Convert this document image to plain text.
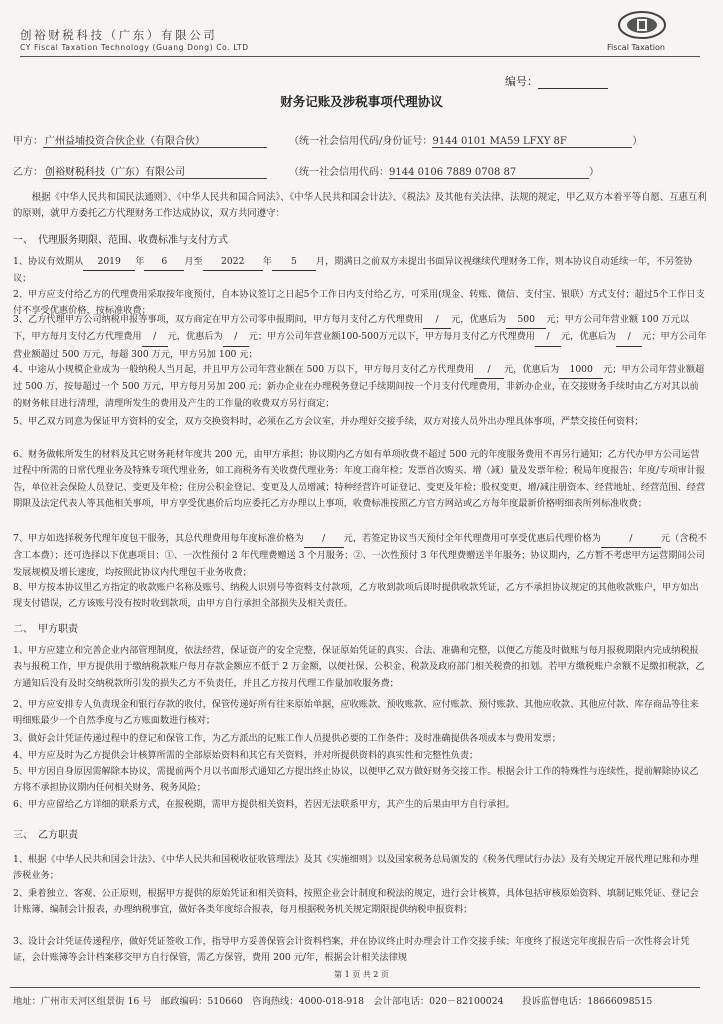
创裕财税科技（广东）有限公司
CY Fiscal Taxation Technology (Guang Dong) Co. LTD	Fiscal Taxation
编号：
财务记账及涉税事项代理协议
甲方： 广州益埔投资合伙企业（有限合伙）	（统一社会信用代码/身份证号：9144 0101 MA59 LFXY 8F	）
乙方： 创裕财税科技（广东）有限公司	（统一社会信用代码：9144 0106 7889 0708 87	）
根据《中华人民共和国民法通则》、《中华人民共和国合同法》、《中华人民共和国会计法》、《税法》及其他有关法律、法规的规定，甲乙双方本着平等自愿、互惠互利的原则，就甲方委托乙方代理财务工作达成协议，双方共同遵守：
一、　代理服务期限、范围、收费标准与支付方式
1、协议有效期从 2019 年 6 月至 2022 年 5 月，期满日之前双方未提出书面异议视继续代理财务工作，则本协议自动延续一年，不另签协议；
2、甲方应支付给乙方的代理费用采取按年度预付，自本协议签订之日起5个工作日内支付给乙方，可采用(现金、转账、微信、支付宝、银联）方式支付；超过5个工作日支付不享受优惠价格，按标准收费；
3、乙方代理甲方公司纳税申报等事项，双方商定在甲方公司零申报期间，甲方每月支付乙方代理费用 / 元，优惠后为 500 元；甲方公司年营业额 100 万元以下，甲方每月支付乙方代理费用 / 元，优惠后为 / 元；甲方公司年营业额100-500万元以下，甲方每月支付乙方代理费用 / 元，优惠后为 / 元；甲方公司年营业额超过 500 万元，每超 300 万元，甲方另加 100 元；
4、中途从小规模企业成为一般纳税人当月起，并且甲方公司年营业额在 500 万以下，甲方每月支付乙方代理费用 / 元，优惠后为 1000 元；甲方公司年营业额超过 500 万，按每超过一个 500 万元，甲方每月另加 200 元；新办企业在办理税务登记手续期间按一个月支付代理费用，非新办企业，在交接财务手续时由乙方对其以前的财务帐目进行清理，清理所发生的费用及产生的工作量的收费双方另行商定；
5、甲乙双方同意为保证甲方资料的安全，双方交换资料时，必须在乙方会议室，并办理好交接手续，双方对接人员外出办理具体事项，严禁交接任何资料；
6、财务做帐所发生的材料及其它财务耗材年度共 200 元，由甲方承担；协议期内乙方如有单项收费不超过 500 元的年度服务费用不再另行通知；乙方代办甲方公司运营过程中所需的日常代理业务及特殊专项代理业务，如工商税务有关收费代理业务：年度工商年检；发票首次购买、增（减）量及发票年检；税局年度报告；年度/专项审计报告，单位社会保险人员登记、变更及年检；住房公积金登记、变更及人员增减；特种经营许可证登记、变更及年检；股权变更、增/减注册资本、经营地址、经营范围、经营期限及法定代表人等其他相关事项，甲方享受优惠价后均应委托乙方办理以上事项，收费标准按照乙方官方网站或乙方每年度最新价格明细表所列标准收费；
7、甲方如选择税务代理年度包干服务，其总代理费用每年度标准价格为 / 元，若签定协议当天预付全年代理费用可享受优惠后代理价格为	/	元（含税不含工本费）；还可选择以下优惠项目：①、一次性预付 2 年代理费赠送 3 个月服务；②、一次性预付 3 年代理费赠送半年服务；协议期内，乙方暂不考虑甲方运营期间公司发展规模及增长速度，均按照此协议内代理包干业务收费；
8、甲方按本协议里乙方指定的收款账户名称及账号、纳税人识别号等资料支付款项，乙方收到款项后即时提供收款凭证，乙方不承担协议规定的其他收款账户，甲方如出现支付错误，乙方该账号没有按时收到款项，由甲方自行承担全部损失及相关责任。
二、　甲方职责
1、甲方应建立和完善企业内部管理制度，依法经营，保证资产的安全完整，保证原始凭证的真实、合法、准确和完整，以便乙方能及时做账与每月报税期限内完成纳税报表与报税工作，甲方提供用于缴纳税款账户每月存款金额应不低于 2 万金额，以便社保、公积金、税款及政府部门相关税费的扣划。若甲方缴税账户余额不足缴扣税款，乙方通知后没有及时交纳税款所引发的损失乙方不负责任，并且乙方按月代理工作量加收服务费；
2、甲方应安排专人负责现金和银行存款的收付，保管传递好所有往来原始单据，应收账款、预收账款、应付账款、预付账款、其他应收款、其他应付款、库存商品等往来明细账最少一个自然季度与乙方账面数进行核对；
3、做好会计凭证传递过程中的登记和保管工作，为乙方派出的记账工作人员提供必要的工作条件；及时准确提供各项成本与费用发票；
4、甲方应及时为乙方提供会计核算所需的全部原始资料和其它有关资料，并对所提供资料的真实性和完整性负责；
5、甲方因自身原因需解除本协议，需提前两个月以书面形式通知乙方提出终止协议，以便甲乙双方做好财务交接工作。根据会计工作的特殊性与连续性，提前解除协议乙方将不承担协议期内任何相关财务、税务风险；
6、甲方应留给乙方详细的联系方式，在报税期，需甲方提供相关资料，若因无法联系甲方，其产生的后果由甲方自行承担。
三、　乙方职责
1、根据《中华人民共和国会计法》、《中华人民共和国税收征收管理法》及其《实施细则》以及国家税务总局颁发的《税务代理试行办法》及有关规定开展代理记账和办理涉税业务；
2、秉着独立、客观、公正原则，根据甲方提供的原始凭证和相关资料，按照企业会计制度和税法的规定，进行会计核算，具体包括审核原始资料、填制记账凭证、登记会计账簿、编制会计报表，办理纳税事宜，做好各类年度综合报表，每月根据税务机关规定期限提供纳税申报资料；
3、设计会计凭证传递程序，做好凭证签收工作，指导甲方妥善保管会计资料档案，并在协议终止时办理会计工作交接手续；年度终了报送完年度报告后一次性将会计凭证，会计账簿等会计档案移交甲方自行保管，需乙方保管，费用 200 元/年，根据会计相关法律规
第 1 页 共 2 页
地址：广州市天河区组景街 16 号　邮政编码：510660　咨询热线：4000-018-918　会计部电话：020－82100024　　投诉监督电话：18666098515
